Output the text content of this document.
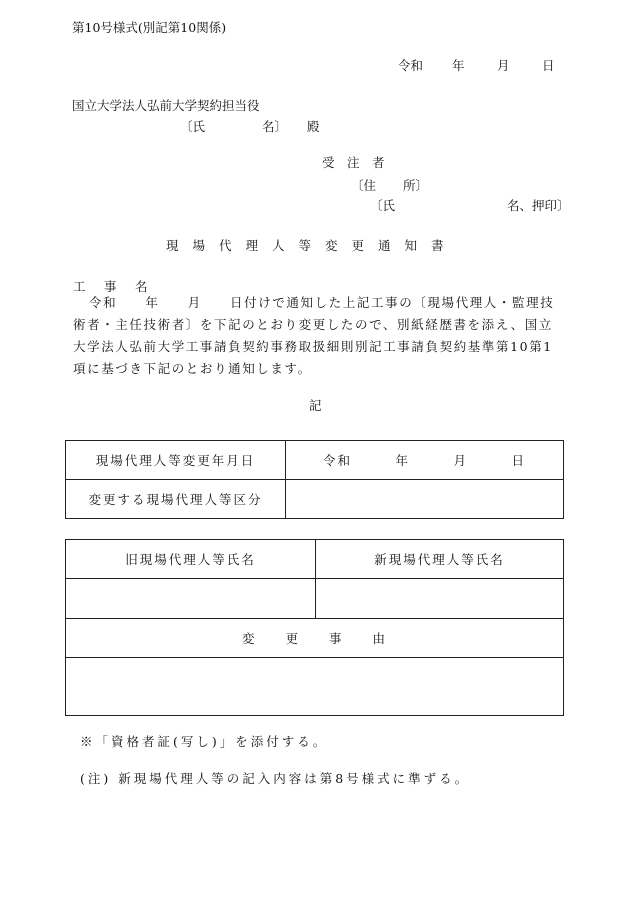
第10号様式(別記第10関係)
令和 年	月	日
国立大学法人弘前大学契約担当役
〔氏	名〕 殿
受　注　者
〔住 所〕
〔氏	名、押印〕
現場代理人等変更通知書
工　事　名
令和　　年　　月　　日付けで通知した上記工事の〔現場代理人・監理技術者・主任技術者〕を下記のとおり変更したので、別紙経歴書を添え、国立大学法人弘前大学工事請負契約事務取扱細則別記工事請負契約基準第10第1項に基づき下記のとおり通知します。
記
現場代理人等変更年月日	令和　　　年　　　月　　　日
変更する現場代理人等区分	
旧現場代理人等氏名	新現場代理人等氏名

変　　更　　事　　由	

※「資格者証(写し)」を添付する。
(注) 新現場代理人等の記入内容は第8号様式に準ずる。
